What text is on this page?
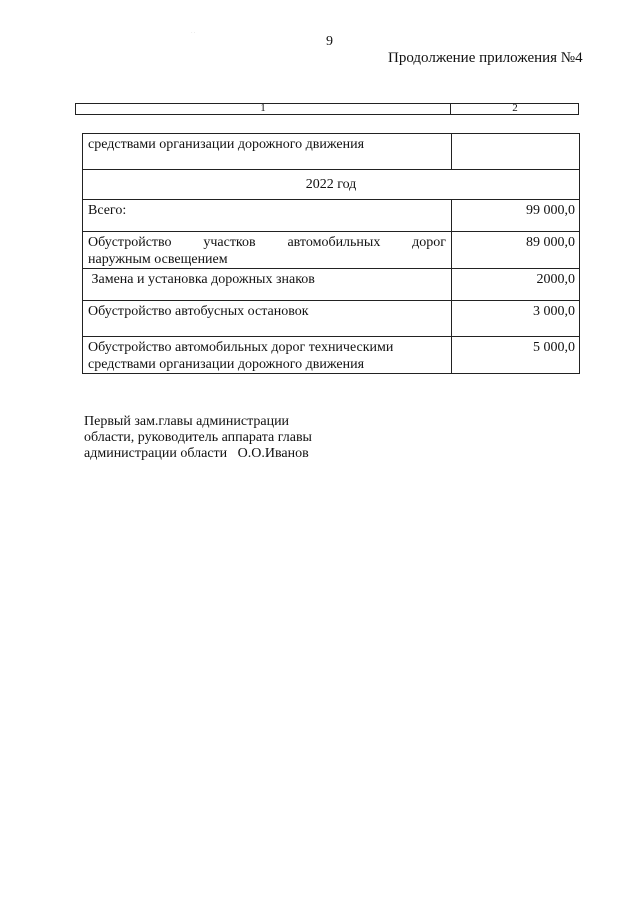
· ·
9
Продолжение приложения №4
1	2
средствами организации дорожного движения	
2022 год	
Всего:	99 000,0

Обустройство участков автомобильных дорог
наружным освещением	89 000,0
Замена и установка дорожных знаков	2000,0
Обустройство автобусных остановок	3 000,0

Обустройство автомобильных дорог техническими
средствами организации дорожного движения	5 000,0
Первый зам.главы администрации
области, руководитель аппарата главы
администрации области   О.О.Иванов
